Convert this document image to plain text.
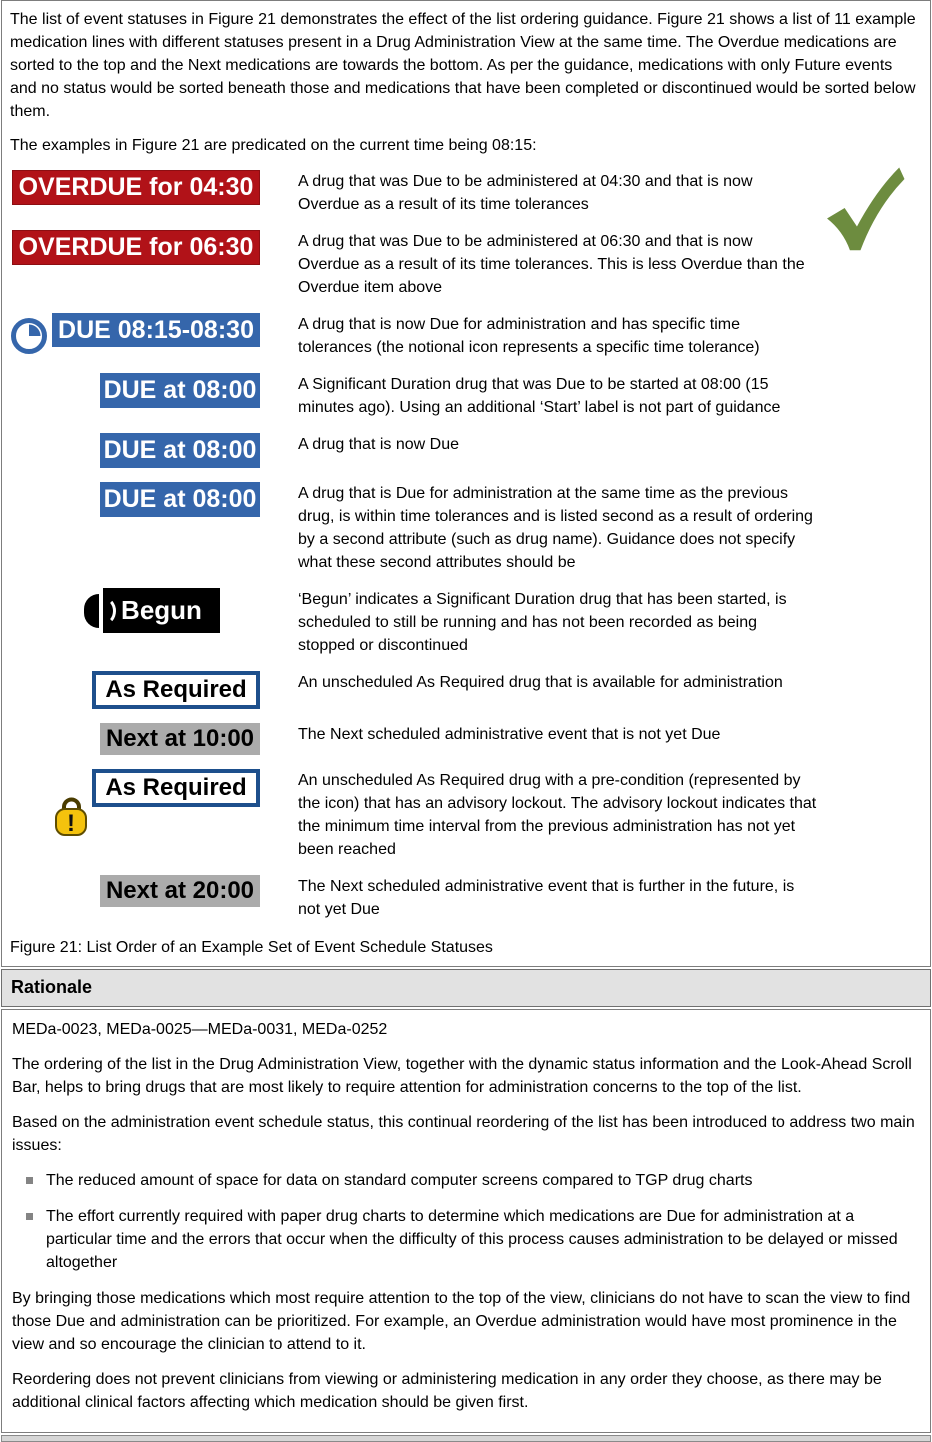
The list of event statuses in Figure 21 demonstrates the effect of the list ordering guidance. Figure 21 shows a list of 11 example medication lines with different statuses present in a Drug Administration View at the same time. The Overdue medications are sorted to the top and the Next medications are towards the bottom. As per the guidance, medications with only Future events and no status would be sorted beneath those and medications that have been completed or discontinued would be sorted below them.

The examples in Figure 21 are predicated on the current time being 08:15:

OVERDUE for 04:30	A drug that was Due to be administered at 04:30 and that is now Overdue as a result of its time tolerances
OVERDUE for 06:30	A drug that was Due to be administered at 06:30 and that is now Overdue as a result of its time tolerances. This is less Overdue than the Overdue item above
DUE 08:15-08:30	A drug that is now Due for administration and has specific time tolerances (the notional icon represents a specific time tolerance)
DUE at 08:00	A Significant Duration drug that was Due to be started at 08:00 (15 minutes ago). Using an additional ‘Start’ label is not part of guidance
DUE at 08:00	A drug that is now Due
DUE at 08:00	A drug that is Due for administration at the same time as the previous drug, is within time tolerances and is listed second as a result of ordering by a second attribute (such as drug name). Guidance does not specify what these second attributes should be
Begun	‘Begun’ indicates a Significant Duration drug that has been started, is scheduled to still be running and has not been recorded as being stopped or discontinued
As Required	An unscheduled As Required drug that is available for administration
Next at 10:00	The Next scheduled administrative event that is not yet Due
!
As Required	An unscheduled As Required drug with a pre-condition (represented by the icon) that has an advisory lockout. The advisory lockout indicates that the minimum time interval from the previous administration has not yet been reached
Next at 20:00	The Next scheduled administrative event that is further in the future, is not yet Due
Figure 21: List Order of an Example Set of Event Schedule Statuses
Rationale

MEDa-0023, MEDa-0025—MEDa-0031, MEDa-0252

The ordering of the list in the Drug Administration View, together with the dynamic status information and the Look-Ahead Scroll Bar, helps to bring drugs that are most likely to require attention for administration concerns to the top of the list.

Based on the administration event schedule status, this continual reordering of the list has been introduced to address two main issues:

The reduced amount of space for data on standard computer screens compared to TGP drug charts
The effort currently required with paper drug charts to determine which medications are Due for administration at a particular time and the errors that occur when the difficulty of this process causes administration to be delayed or missed altogether

By bringing those medications which most require attention to the top of the view, clinicians do not have to scan the view to find those Due and administration can be prioritized. For example, an Overdue administration would have most prominence in the view and so encourage the clinician to attend to it.

Reordering does not prevent clinicians from viewing or administering medication in any order they choose, as there may be additional clinical factors affecting which medication should be given first.
